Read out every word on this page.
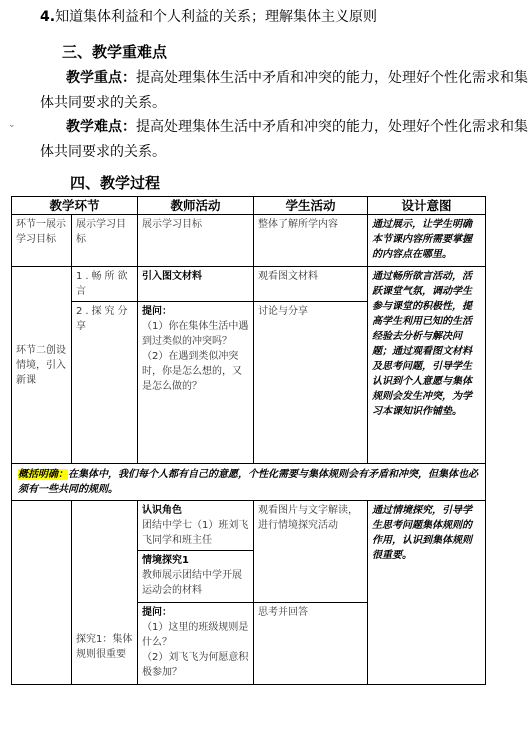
4.知道集体利益和个人利益的关系；理解集体主义原则
三、教学重难点
教学重点：提高处理集体生活中矛盾和冲突的能力，处理好个性化需求和集
体共同要求的关系。
⌄	教学难点：提高处理集体生活中矛盾和冲突的能力，处理好个性化需求和集
体共同要求的关系。
四、教学过程
教学环节		教师活动	学生活动	设计意图
环节一展示学习目标	展示学习目标	展示学习目标	整体了解所学内容	通过展示，让学生明确本节课内容所需要掌握的内容点在哪里。
环节二创设情境，引入新课	1.畅所欲言	引入图文材料	观看图文材料	通过畅所欲言活动，活跃课堂气氛，调动学生参与课堂的积极性，提高学生利用已知的生活经验去分析与解决问题；通过观看图文材料及思考问题，引导学生认识到个人意愿与集体规则会发生冲突，为学习本课知识作铺垫。
	2.探究分享	提问：
（1）你在集体生活中遇到过类似的冲突吗？
（2）在遇到类似冲突时，你是怎么想的，又是怎么做的？	讨论与分享	
概括明确：在集体中，我们每个人都有自己的意愿，个性化需要与集体规则会有矛盾和冲突，但集体也必须有一些共同的规则。				
	探究1：集体规则很重要	认识角色
团结中学七（1）班刘飞飞同学和班主任	观看图片与文字解读，进行情境探究活动	通过情境探究，引导学生思考问题集体规则的作用，认识到集体规则很重要。

		情境探究1
教师展示团结中学开展运动会的材料		

		提问：
（1）这里的班级规则是什么？
（2）刘飞飞为何愿意积极参加？	思考并回答	
